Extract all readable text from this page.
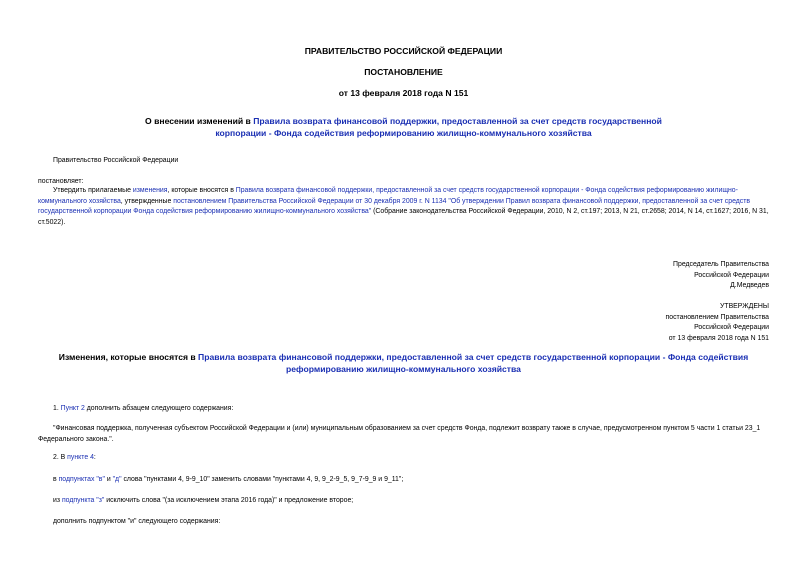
ПРАВИТЕЛЬСТВО РОССИЙСКОЙ ФЕДЕРАЦИИ
ПОСТАНОВЛЕНИЕ
от 13 февраля 2018 года N 151
О внесении изменений в Правила возврата финансовой поддержки, предоставленной за счет средств государственной корпорации - Фонда содействия реформированию жилищно-коммунального хозяйства
Правительство Российской Федерации
постановляет:
Утвердить прилагаемые изменения, которые вносятся в Правила возврата финансовой поддержки, предоставленной за счет средств государственной корпорации - Фонда содействия реформированию жилищно-коммунального хозяйства, утвержденные постановлением Правительства Российской Федерации от 30 декабря 2009 г. N 1134 "Об утверждении Правил возврата финансовой поддержки, предоставленной за счет средств государственной корпорации Фонда содействия реформированию жилищно-коммунального хозяйства" (Собрание законодательства Российской Федерации, 2010, N 2, ст.197; 2013, N 21, ст.2658; 2014, N 14, ст.1627; 2016, N 31, ст.5022).
Председатель Правительства
Российской Федерации
Д.Медведев
УТВЕРЖДЕНЫ
постановлением Правительства
Российской Федерации
от 13 февраля 2018 года N 151
Изменения, которые вносятся в Правила возврата финансовой поддержки, предоставленной за счет средств государственной корпорации - Фонда содействия реформированию жилищно-коммунального хозяйства
1. Пункт 2 дополнить абзацем следующего содержания:
"Финансовая поддержка, полученная субъектом Российской Федерации и (или) муниципальным образованием за счет средств Фонда, подлежит возврату также в случае, предусмотренном пунктом 5 части 1 статьи 23_1 Федерального закона.".
2. В пункте 4:
в подпунктах "в" и "д" слова "пунктами 4, 9-9_10" заменить словами "пунктами 4, 9, 9_2-9_5, 9_7-9_9 и 9_11";
из подпункта "з" исключить слова "(за исключением этапа 2016 года)" и предложение второе;
дополнить подпунктом "и" следующего содержания:
